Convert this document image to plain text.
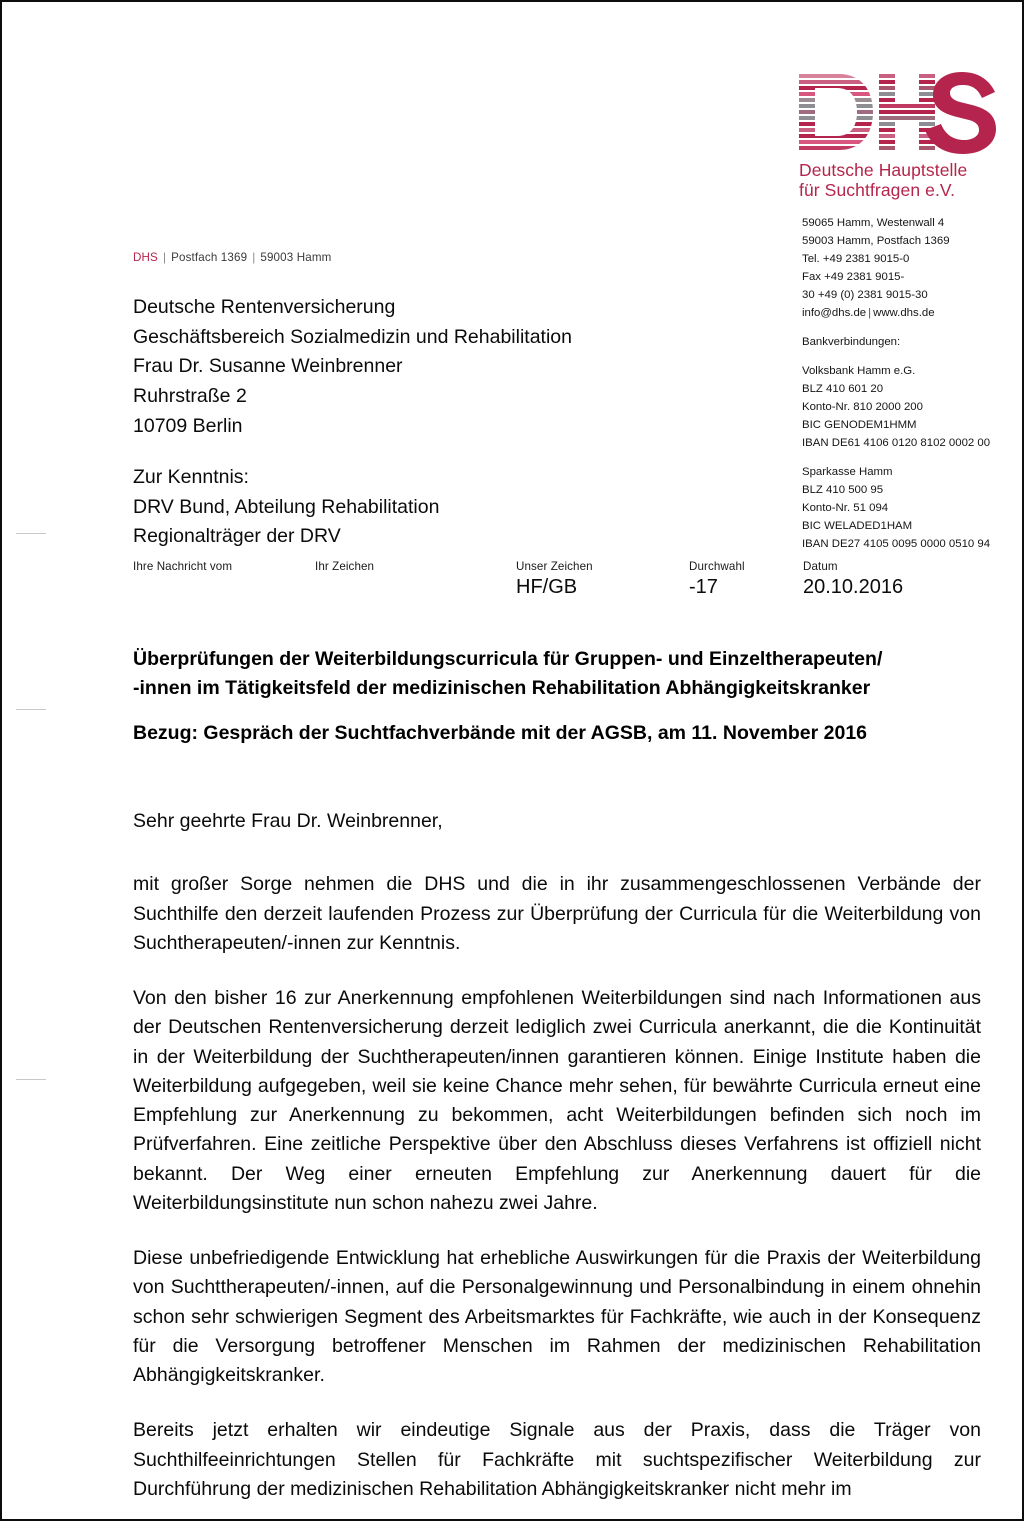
Deutsche Hauptstelle
für Suchtfragen e.V.
59065 Hamm, Westenwall 4
59003 Hamm, Postfach 1369
Tel. +49 2381 9015-0
Fax +49 2381 9015-
30 +49 (0) 2381 9015-30
info@dhs.de | www.dhs.de
Bankverbindungen:
Volksbank Hamm e.G.
BLZ 410 601 20
Konto-Nr. 810 2000 200
BIC GENODEM1HMM
IBAN DE61 4106 0120 8102 0002 00
Sparkasse Hamm
BLZ 410 500 95
Konto-Nr. 51 094
BIC WELADED1HAM
IBAN DE27 4105 0095 0000 0510 94
DHS | Postfach 1369 | 59003 Hamm
Deutsche Rentenversicherung
Geschäftsbereich Sozialmedizin und Rehabilitation
Frau Dr. Susanne Weinbrenner
Ruhrstraße 2
10709 Berlin
Zur Kenntnis:
DRV Bund, Abteilung Rehabilitation
Regionalträger der DRV
Ihre Nachricht vom	Ihr Zeichen	Unser Zeichen
HF/GB
Durchwahl
-17
Datum
20.10.2016
Überprüfungen der Weiterbildungscurricula für Gruppen- und Einzeltherapeuten/
-innen im Tätigkeitsfeld der medizinischen Rehabilitation Abhängigkeitskranker
Bezug: Gespräch der Suchtfachverbände mit der AGSB, am 11. November 2016
Sehr geehrte Frau Dr. Weinbrenner,

mit großer Sorge nehmen die DHS und die in ihr zusammengeschlossenen Verbände der Suchthilfe den derzeit laufenden Prozess zur Überprüfung der Curricula für die Weiterbildung von Suchtherapeuten/-innen zur Kenntnis.

Von den bisher 16 zur Anerkennung empfohlenen Weiterbildungen sind nach Informationen aus der Deutschen Rentenversicherung derzeit lediglich zwei Curricula anerkannt, die die Kontinuität in der Weiterbildung der Suchtherapeuten/innen garantieren können. Einige Institute haben die Weiterbildung aufgegeben, weil sie keine Chance mehr sehen, für bewährte Curricula erneut eine Empfehlung zur Anerkennung zu bekommen, acht Weiterbildungen befinden sich noch im Prüfverfahren. Eine zeitliche Perspektive über den Abschluss dieses Verfahrens ist offiziell nicht bekannt. Der Weg einer erneuten Empfehlung zur Anerkennung dauert für die Weiterbildungsinstitute nun schon nahezu zwei Jahre.

Diese unbefriedigende Entwicklung hat erhebliche Auswirkungen für die Praxis der Weiterbildung von Suchttherapeuten/-innen, auf die Personalgewinnung und Personalbindung in einem ohnehin schon sehr schwierigen Segment des Arbeitsmarktes für Fachkräfte, wie auch in der Konsequenz für die Versorgung betroffener Menschen im Rahmen der medizinischen Rehabilitation Abhängigkeitskranker.

Bereits jetzt erhalten wir eindeutige Signale aus der Praxis, dass die Träger von Suchthilfeeinrichtungen Stellen für Fachkräfte mit suchtspezifischer Weiterbildung zur Durchführung der medizinischen Rehabilitation Abhängigkeitskranker nicht mehr im
